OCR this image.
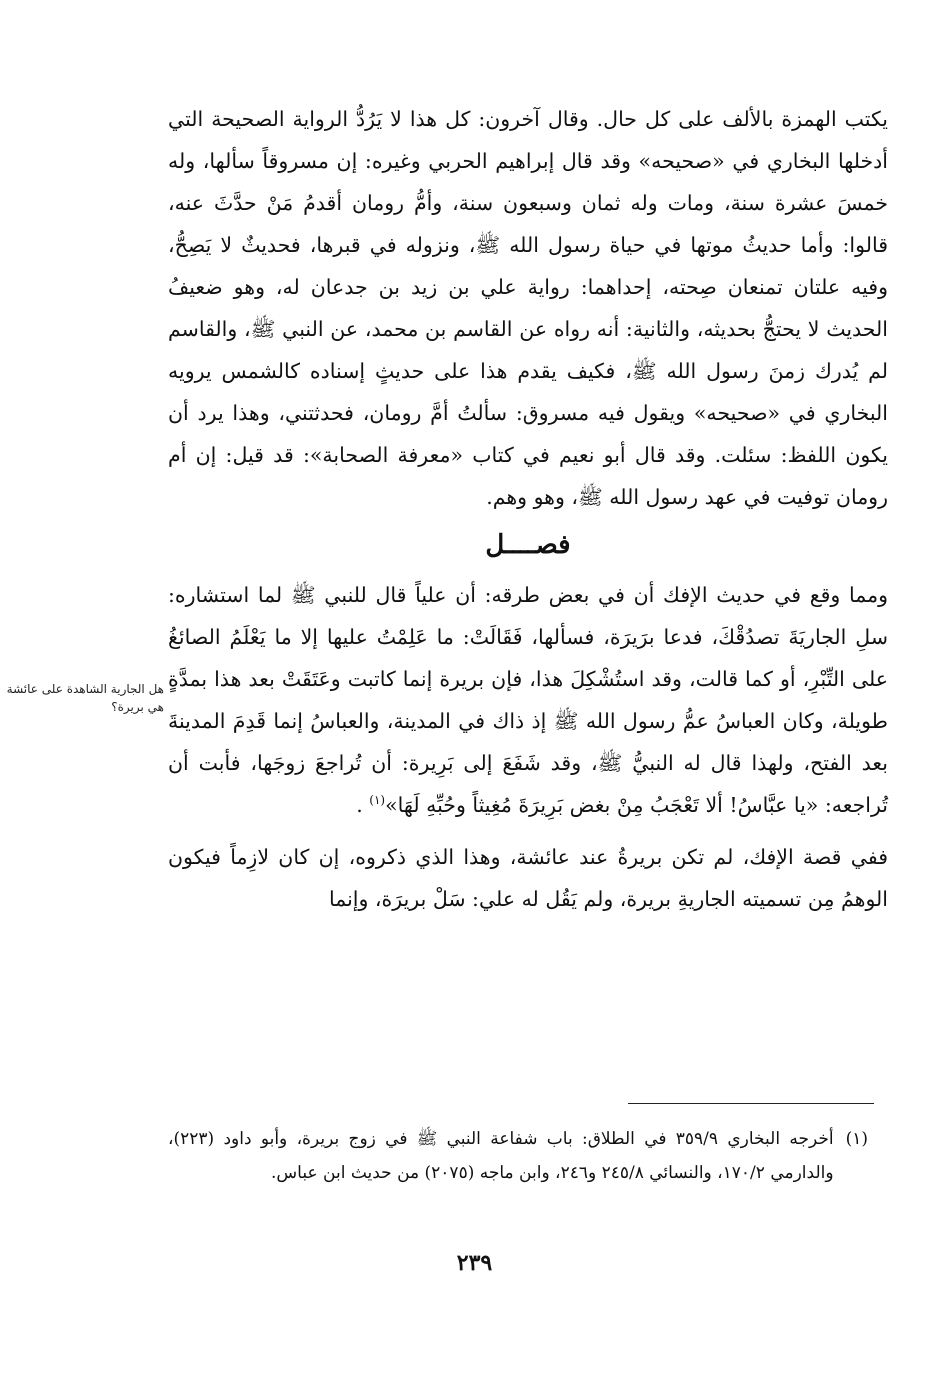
يكتب الهمزة بالألف على كل حال. وقال آخرون: كل هذا لا يَرُدُّ الرواية الصحيحة التي أدخلها البخاري في «صحيحه» وقد قال إبراهيم الحربي وغيره: إن مسروقاً سألها، وله خمسَ عشرة سنة، ومات وله ثمان وسبعون سنة، وأمُّ رومان أقدمُ مَنْ حدَّثَ عنه، قالوا: وأما حديثُ موتها في حياة رسول الله ﷺ، ونزوله في قبرها، فحديثٌ لا يَصِحُّ، وفيه علتان تمنعان صِحته، إحداهما: رواية علي بن زيد بن جدعان له، وهو ضعيفُ الحديث لا يحتجُّ بحديثه، والثانية: أنه رواه عن القاسم بن محمد، عن النبي ﷺ، والقاسم لم يُدرك زمنَ رسول الله ﷺ، فكيف يقدم هذا على حديثٍ إسناده كالشمس يرويه البخاري في «صحيحه» ويقول فيه مسروق: سألتُ أمَّ رومان، فحدثتني، وهذا يرد أن يكون اللفظ: سئلت. وقد قال أبو نعيم في كتاب «معرفة الصحابة»: قد قيل: إن أم رومان توفيت في عهد رسول الله ﷺ، وهو وهم.

فصــــل

ومما وقع في حديث الإفك أن في بعض طرقه: أن علياً قال للنبي ﷺ لما استشاره: سلِ الجاريَةَ تصدُقْكَ، فدعا برَيرَة، فسألها، فَقَالَتْ: ما عَلِمْتُ عليها إلا ما يَعْلَمُ الصائغُ على التِّبْرِ، أو كما قالت، وقد استُشْكِلَ هذا، فإن بريرة إنما كاتبت وعَتَقَتْ بعد هذا بمدَّةٍ طويلة، وكان العباسُ عمُّ رسول الله ﷺ إذ ذاك في المدينة، والعباسُ إنما قَدِمَ المدينةَ بعد الفتح، ولهذا قال له النبيُّ ﷺ، وقد شَفَعَ إلى بَرِيرة: أن تُراجعَ زوجَها، فأبت أن تُراجعه: «يا عبَّاسُ! ألا تَعْجَبُ مِنْ بغض بَرِيرَةَ مُغِيثاً وحُبِّهِ لَهَا»$^{(١)}$ .

ففي قصة الإفك، لم تكن بريرةُ عند عائشة، وهذا الذي ذكروه، إن كان لازِماً فيكون الوهمُ مِن تسميته الجاريةِ بريرة، ولم يَقُل له علي: سَلْ بريرَة، وإنما

هل الجارية الشاهدة على عائشة هي بريرة؟
(١)
أخرجه البخاري ٣٥٩/٩ في الطلاق: باب شفاعة النبي ﷺ في زوج بريرة، وأبو داود (٢٢٣)، والدارمي ١٧٠/٢، والنسائي ٢٤٥/٨ و٢٤٦، وابن ماجه (٢٠٧٥) من حديث ابن عباس.
٢٣٩
